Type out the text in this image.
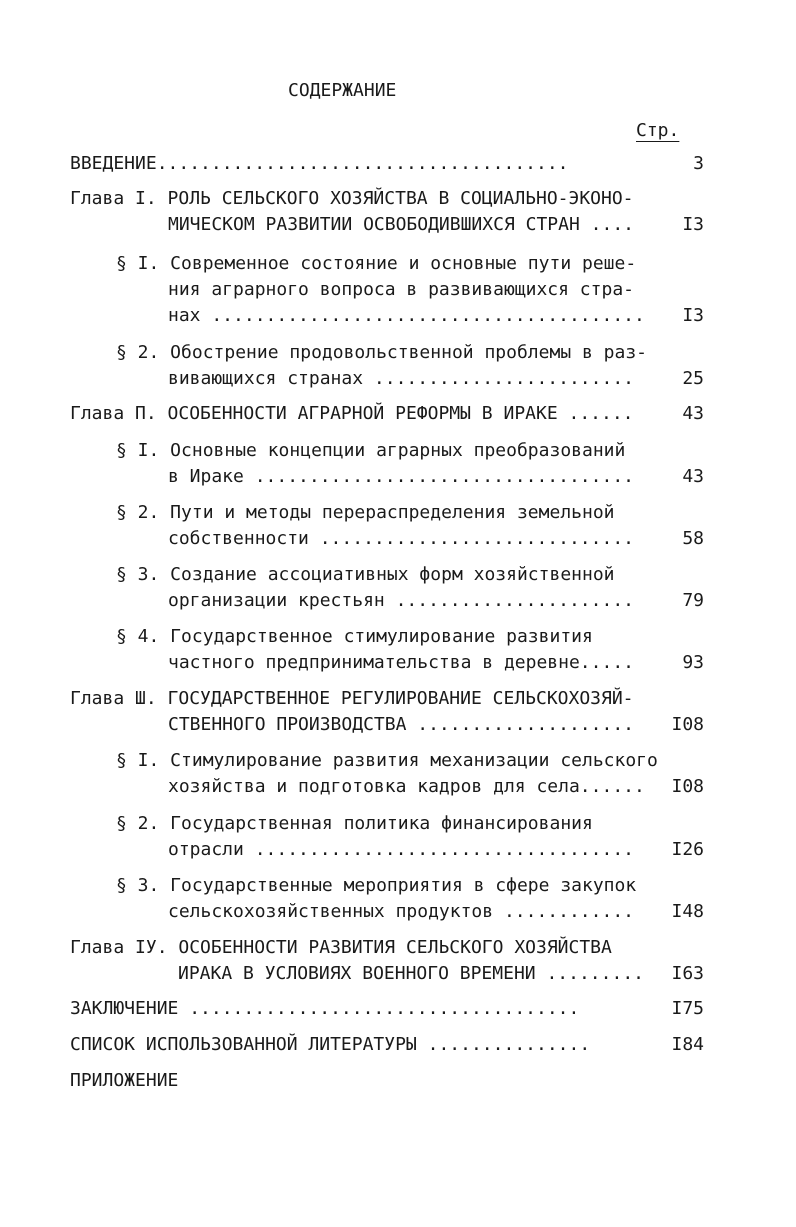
СОДЕРЖАНИЕ
Стр.
ВВЕДЕНИЕ......................................	3
Глава I. РОЛЬ СЕЛЬСКОГО ХОЗЯЙСТВА В СОЦИАЛЬНО-ЭКОНО-
МИЧЕСКОМ РАЗВИТИИ ОСВОБОДИВШИХСЯ СТРАН ....	I3
§ I. Современное состояние и основные пути реше-
ния аграрного вопроса в развивающихся стра-
нах ........................................	I3
§ 2. Обострение продовольственной проблемы в раз-
вивающихся странах ........................	25
Глава П. ОСОБЕННОСТИ АГРАРНОЙ РЕФОРМЫ В ИРАКЕ ......	43
§ I. Основные концепции аграрных преобразований
в Ираке ...................................	43
§ 2. Пути и методы перераспределения земельной
собственности .............................	58
§ 3. Создание ассоциативных форм хозяйственной
организации крестьян ......................	79
§ 4. Государственное стимулирование развития
частного предпринимательства в деревне.....	93
Глава Ш. ГОСУДАРСТВЕННОЕ РЕГУЛИРОВАНИЕ СЕЛЬСКОХОЗЯЙ-
СТВЕННОГО ПРОИЗВОДСТВА ....................	I08
§ I. Стимулирование развития механизации сельского
хозяйства и подготовка кадров для села......	I08
§ 2. Государственная политика финансирования
отрасли ...................................	I26
§ 3. Государственные мероприятия в сфере закупок
сельскохозяйственных продуктов ............	I48
Глава IУ. ОСОБЕННОСТИ РАЗВИТИЯ СЕЛЬСКОГО ХОЗЯЙСТВА
ИРАКА В УСЛОВИЯХ ВОЕННОГО ВРЕМЕНИ .........	I63
ЗАКЛЮЧЕНИЕ ....................................	I75
СПИСОК ИСПОЛЬЗОВАННОЙ ЛИТЕРАТУРЫ ...............	I84
ПРИЛОЖЕНИЕ
